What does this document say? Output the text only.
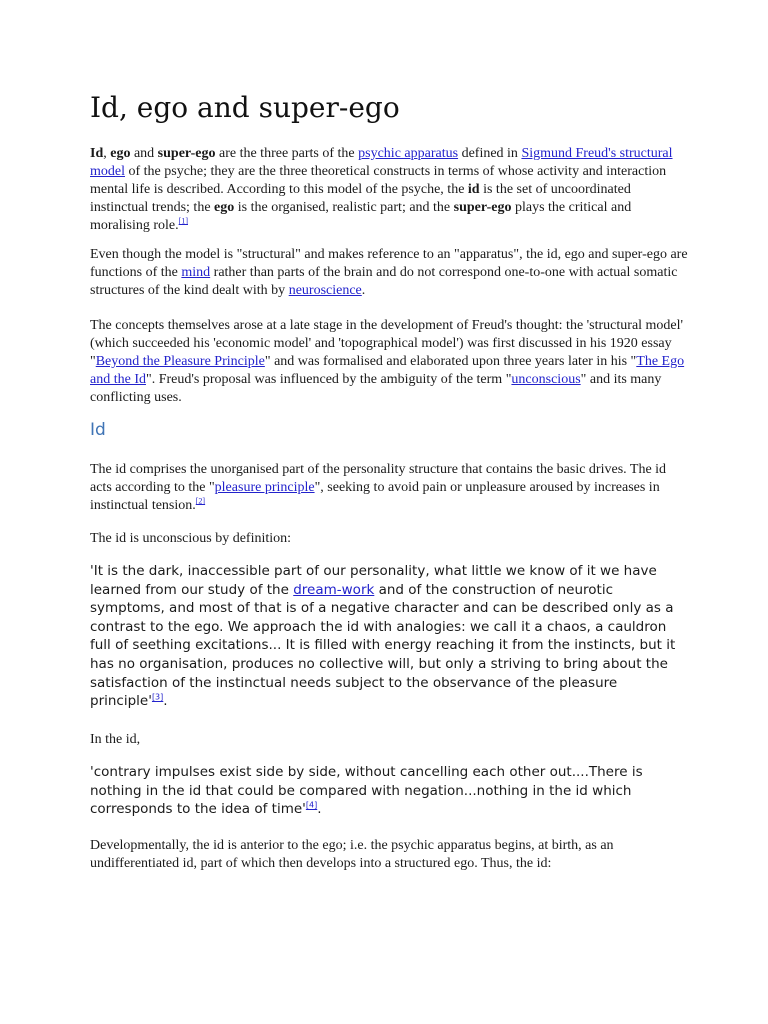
Id, ego and super-ego

Id, ego and super-ego are the three parts of the psychic apparatus defined in Sigmund Freud's structural model of the psyche; they are the three theoretical constructs in terms of whose activity and interaction mental life is described. According to this model of the psyche, the id is the set of uncoordinated instinctual trends; the ego is the organised, realistic part; and the super-ego plays the critical and moralising role.[1]

Even though the model is "structural" and makes reference to an "apparatus", the id, ego and super-ego are functions of the mind rather than parts of the brain and do not correspond one-to-one with actual somatic structures of the kind dealt with by neuroscience.

The concepts themselves arose at a late stage in the development of Freud's thought: the 'structural model' (which succeeded his 'economic model' and 'topographical model') was first discussed in his 1920 essay "Beyond the Pleasure Principle" and was formalised and elaborated upon three years later in his "The Ego and the Id". Freud's proposal was influenced by the ambiguity of the term "unconscious" and its many conflicting uses.

Id

The id comprises the unorganised part of the personality structure that contains the basic drives. The id acts according to the "pleasure principle", seeking to avoid pain or unpleasure aroused by increases in instinctual tension.[2]

The id is unconscious by definition:

'It is the dark, inaccessible part of our personality, what little we know of it we have learned from our study of the dream-work and of the construction of neurotic symptoms, and most of that is of a negative character and can be described only as a contrast to the ego. We approach the id with analogies: we call it a chaos, a cauldron full of seething excitations... It is filled with energy reaching it from the instincts, but it has no organisation, produces no collective will, but only a striving to bring about the satisfaction of the instinctual needs subject to the observance of the pleasure principle'[3].

In the id,

'contrary impulses exist side by side, without cancelling each other out....There is nothing in the id that could be compared with negation...nothing in the id which corresponds to the idea of time'[4].

Developmentally, the id is anterior to the ego; i.e. the psychic apparatus begins, at birth, as an undifferentiated id, part of which then develops into a structured ego. Thus, the id:
